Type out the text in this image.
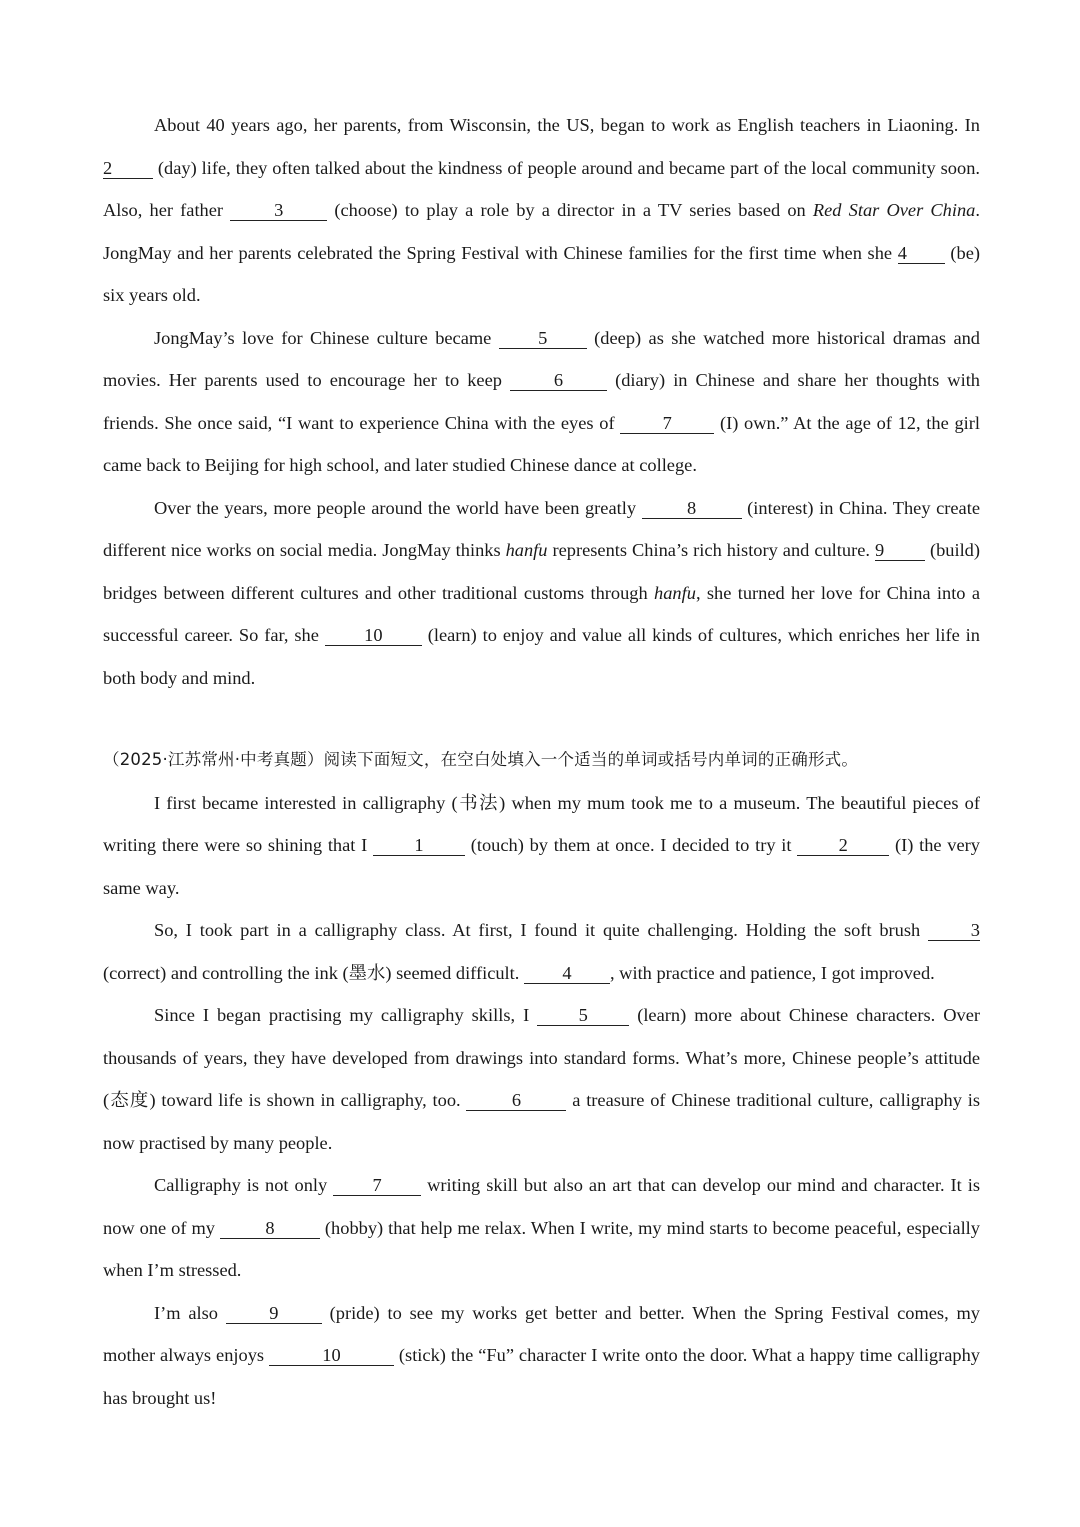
About 40 years ago, her parents, from Wisconsin, the US, began to work as English teachers in Liaoning. In 2 (day) life, they often talked about the kindness of people around and became part of the local community soon. Also, her father 3 (choose) to play a role by a director in a TV series based on Red Star Over China. JongMay and her parents celebrated the Spring Festival with Chinese families for the first time when she 4 (be) six years old.

JongMay’s love for Chinese culture became 5 (deep) as she watched more historical dramas and movies. Her parents used to encourage her to keep 6 (diary) in Chinese and share her thoughts with friends. She once said, “I want to experience China with the eyes of 7 (I) own.” At the age of 12, the girl came back to Beijing for high school, and later studied Chinese dance at college.

Over the years, more people around the world have been greatly 8 (interest) in China. They create different nice works on social media. JongMay thinks hanfu represents China’s rich history and culture. 9 (build) bridges between different cultures and other traditional customs through hanfu, she turned her love for China into a successful career. So far, she 10 (learn) to enjoy and value all kinds of cultures, which enriches her life in both body and mind.

（2025·江苏常州·中考真题）阅读下面短文，在空白处填入一个适当的单词或括号内单词的正确形式。

I first became interested in calligraphy (书法) when my mum took me to a museum. The beautiful pieces of writing there were so shining that I 1 (touch) by them at once. I decided to try it 2 (I) the very same way.

So, I took part in a calligraphy class. At first, I found it quite challenging. Holding the soft brush 3 (correct) and controlling the ink (墨水) seemed difficult. 4 , with practice and patience, I got improved.

Since I began practising my calligraphy skills, I 5 (learn) more about Chinese characters. Over thousands of years, they have developed from drawings into standard forms. What’s more, Chinese people’s attitude (态度) toward life is shown in calligraphy, too. 6 a treasure of Chinese traditional culture, calligraphy is now practised by many people.

Calligraphy is not only 7 writing skill but also an art that can develop our mind and character. It is now one of my 8 (hobby) that help me relax. When I write, my mind starts to become peaceful, especially when I’m stressed.

I’m also 9 (pride) to see my works get better and better. When the Spring Festival comes, my mother always enjoys	10	(stick) the “Fu” character I write onto the door. What a happy time calligraphy has brought us!
